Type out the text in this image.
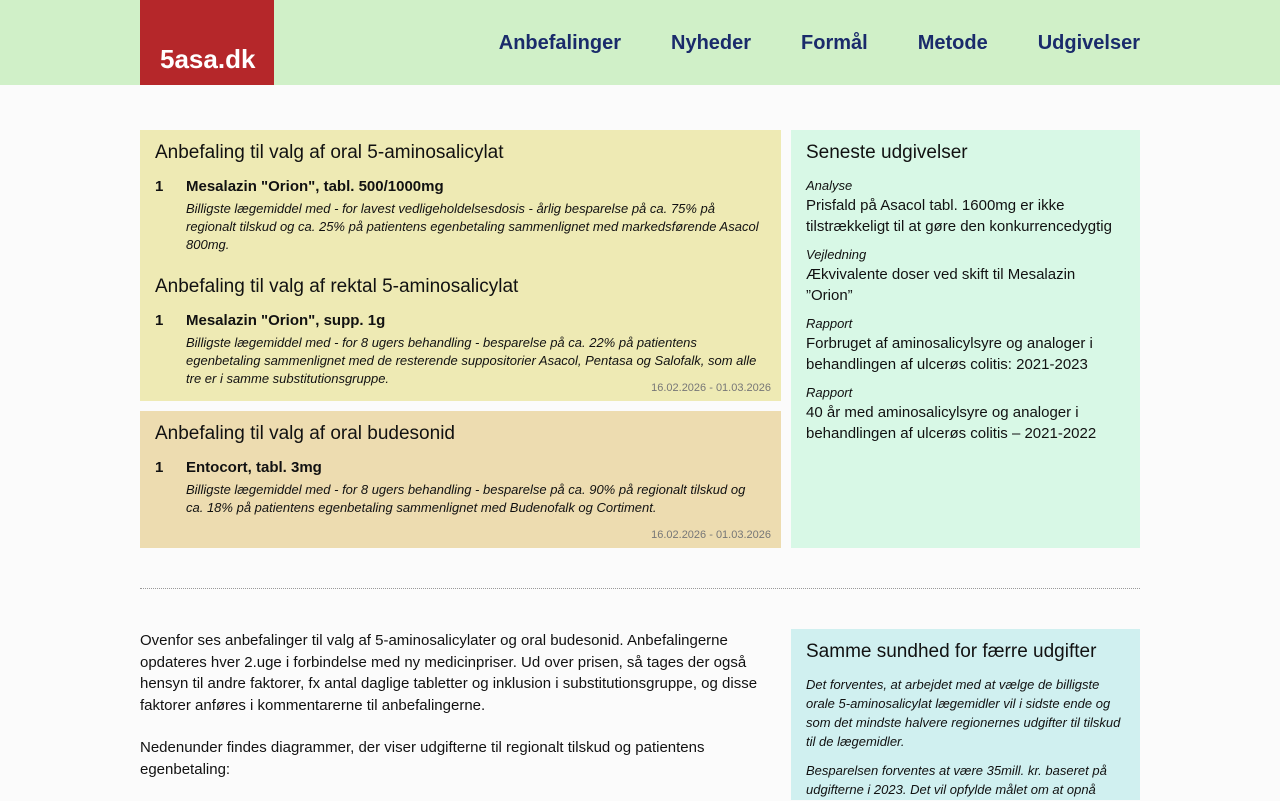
5asa.dk
Anbefalinger	Nyheder	Formål	Metode	Udgivelser
Anbefaling til valg af oral 5-aminosalicylat
1	Mesalazin "Orion", tabl. 500/1000mg
Billigste lægemiddel med - for lavest vedligeholdelsesdosis - årlig besparelse på ca. 75% på regionalt tilskud og ca. 25% på patientens egenbetaling sammenlignet med markedsførende Asacol 800mg.
Anbefaling til valg af rektal 5-aminosalicylat
1	Mesalazin "Orion", supp. 1g
Billigste lægemiddel med - for 8 ugers behandling - besparelse på ca. 22% på patientens egenbetaling sammenlignet med de resterende suppositorier Asacol, Pentasa og Salofalk, som alle tre er i samme substitutionsgruppe.
16.02.2026 - 01.03.2026
Anbefaling til valg af oral budesonid
1	Entocort, tabl. 3mg
Billigste lægemiddel med - for 8 ugers behandling - besparelse på ca. 90% på regionalt tilskud og ca. 18% på patientens egenbetaling sammenlignet med Budenofalk og Cortiment.
16.02.2026 - 01.03.2026
Seneste udgivelser
Analyse
Prisfald på Asacol tabl. 1600mg er ikke tilstrækkeligt til at gøre den konkurrencedygtig
Vejledning
Ækvivalente doser ved skift til Mesalazin ”Orion”
Rapport
Forbruget af aminosalicylsyre og analoger i behandlingen af ulcerøs colitis: 2021-2023
Rapport
40 år med aminosalicylsyre og analoger i behandlingen af ulcerøs colitis – 2021-2022

Ovenfor ses anbefalinger til valg af 5-aminosalicylater og oral budesonid. Anbefalingerne opdateres hver 2.uge i forbindelse med ny medicinpriser. Ud over prisen, så tages der også hensyn til andre faktorer, fx antal daglige tabletter og inklusion i substitutionsgruppe, og disse faktorer anføres i kommentarerne til anbefalingerne.

Nedenunder findes diagrammer, der viser udgifterne til regionalt tilskud og patientens egenbetaling:

Samme sundhed for færre udgifter

Det forventes, at arbejdet med at vælge de billigste orale 5-aminosalicylat lægemidler vil i sidste ende og som det mindste halvere regionernes udgifter til tilskud til de lægemidler.

Besparelsen forventes at være 35mill. kr. baseret på udgifterne i 2023. Det vil opfylde målet om at opnå
